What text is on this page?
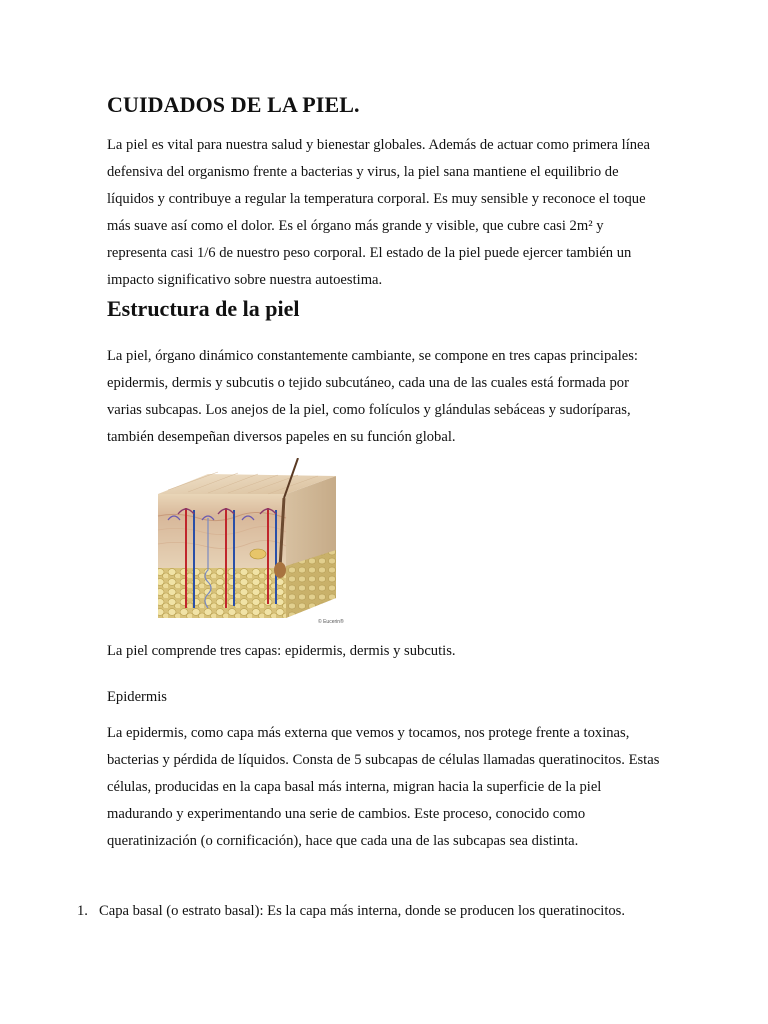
CUIDADOS DE LA PIEL.

La piel es vital para nuestra salud y bienestar globales. Además de actuar como primera línea defensiva del organismo frente a bacterias y virus, la piel sana mantiene el equilibrio de líquidos y contribuye a regular la temperatura corporal. Es muy sensible y reconoce el toque más suave así como el dolor. Es el órgano más grande y visible, que cubre casi 2m² y representa casi 1/6 de nuestro peso corporal. El estado de la piel puede ejercer también un impacto significativo sobre nuestra autoestima.

Estructura de la piel

La piel, órgano dinámico constantemente cambiante, se compone en tres capas principales: epidermis, dermis y subcutis o tejido subcutáneo, cada una de las cuales está formada por varias subcapas. Los anejos de la piel, como folículos y glándulas sebáceas y sudoríparas, también desempeñan diversos papeles en su función global.

© Eucerin®

La piel comprende tres capas: epidermis, dermis y subcutis.

Epidermis

La epidermis, como capa más externa que vemos y tocamos, nos protege frente a toxinas, bacterias y pérdida de líquidos. Consta de 5 subcapas de células llamadas queratinocitos. Estas células, producidas en la capa basal más interna, migran hacia la superficie de la piel madurando y experimentando una serie de cambios. Este proceso, conocido como queratinización (o cornificación), hace que cada una de las subcapas sea distinta.

1. Capa basal (o estrato basal): Es la capa más interna, donde se producen los queratinocitos.
